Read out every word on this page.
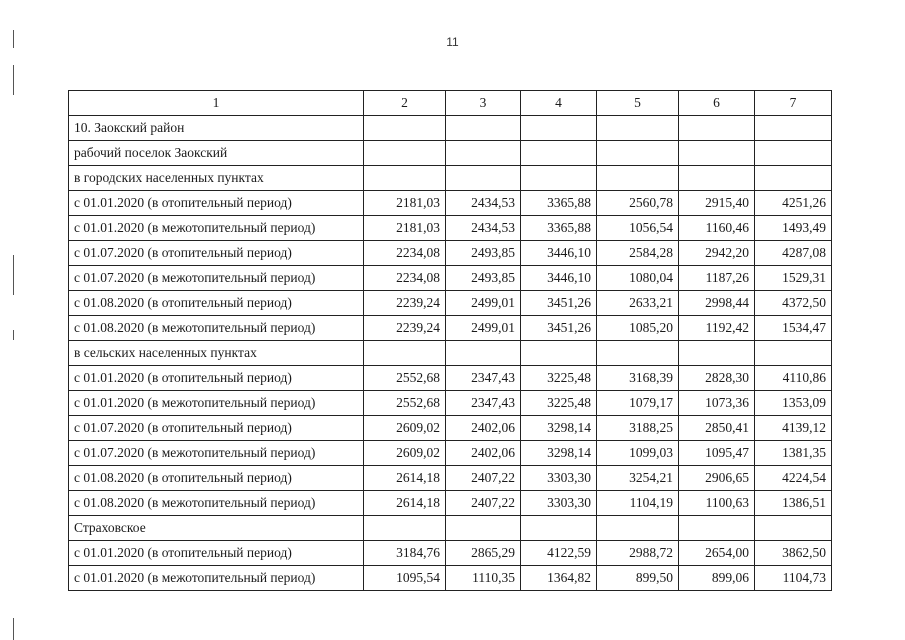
11
1	2	3	4	5	6	7
10. Заокский район						
рабочий поселок Заокский						
в городских населенных пунктах						
с 01.01.2020 (в отопительный период)	2181,03	2434,53	3365,88	2560,78	2915,40	4251,26
с 01.01.2020 (в межотопительный период)	2181,03	2434,53	3365,88	1056,54	1160,46	1493,49
с 01.07.2020 (в отопительный период)	2234,08	2493,85	3446,10	2584,28	2942,20	4287,08
с 01.07.2020 (в межотопительный период)	2234,08	2493,85	3446,10	1080,04	1187,26	1529,31
с 01.08.2020 (в отопительный период)	2239,24	2499,01	3451,26	2633,21	2998,44	4372,50
с 01.08.2020 (в межотопительный период)	2239,24	2499,01	3451,26	1085,20	1192,42	1534,47
в сельских населенных пунктах						
с 01.01.2020 (в отопительный период)	2552,68	2347,43	3225,48	3168,39	2828,30	4110,86
с 01.01.2020 (в межотопительный период)	2552,68	2347,43	3225,48	1079,17	1073,36	1353,09
с 01.07.2020 (в отопительный период)	2609,02	2402,06	3298,14	3188,25	2850,41	4139,12
с 01.07.2020 (в межотопительный период)	2609,02	2402,06	3298,14	1099,03	1095,47	1381,35
с 01.08.2020 (в отопительный период)	2614,18	2407,22	3303,30	3254,21	2906,65	4224,54
с 01.08.2020 (в межотопительный период)	2614,18	2407,22	3303,30	1104,19	1100,63	1386,51
Страховское						
с 01.01.2020 (в отопительный период)	3184,76	2865,29	4122,59	2988,72	2654,00	3862,50
с 01.01.2020 (в межотопительный период)	1095,54	1110,35	1364,82	899,50	899,06	1104,73
